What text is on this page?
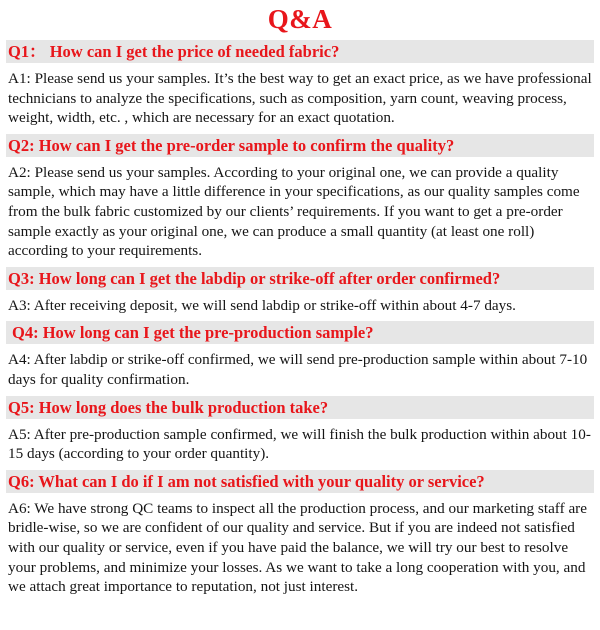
Q&A
Q1： How can I get the price of needed fabric?
A1: Please send us your samples. It’s the best way to get an exact price, as we have professional technicians to analyze the specifications, such as composition, yarn count, weaving process, weight, width, etc. , which are necessary for an exact quotation.
Q2: How can I get the pre-order sample to confirm the quality?
A2: Please send us your samples. According to your original one, we can provide a quality sample, which may have a little difference in your specifications, as our quality samples come from the bulk fabric customized by our clients’ requirements. If you want to get a pre-order sample exactly as your original one, we can produce a small quantity (at least one roll) according to your requirements.
Q3: How long can I get the labdip or strike-off after order confirmed?
A3: After receiving deposit, we will send labdip or strike-off within about 4-7 days.
Q4: How long can I get the pre-production sample?
A4: After labdip or strike-off confirmed, we will send pre-production sample within about 7-10 days for quality confirmation.
Q5: How long does the bulk production take?
A5: After pre-production sample confirmed, we will finish the bulk production within about 10-15 days (according to your order quantity).
Q6: What can I do if I am not satisfied with your quality or service?
A6: We have strong QC teams to inspect all the production process, and our marketing staff are bridle-wise, so we are confident of our quality and service. But if you are indeed not satisfied with our quality or service, even if you have paid the balance, we will try our best to resolve your problems, and minimize your losses. As we want to take a long cooperation with you, and we attach great importance to reputation, not just interest.
